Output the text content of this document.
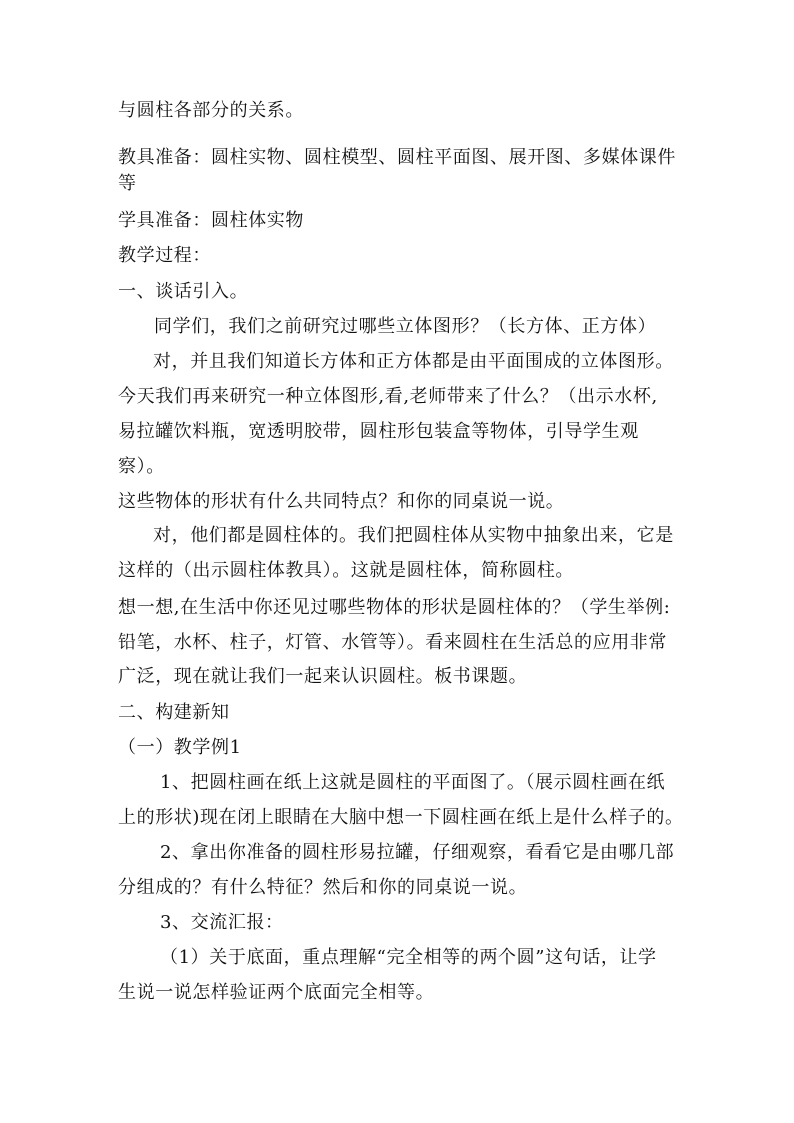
与圆柱各部分的关系。
教具准备：圆柱实物、圆柱模型、圆柱平面图、展开图、多媒体课件
等
学具准备：圆柱体实物
教学过程：
一、谈话引入。
同学们，我们之前研究过哪些立体图形？（长方体、正方体）
对，并且我们知道长方体和正方体都是由平面围成的立体图形。
今天我们再来研究一种立体图形,看,老师带来了什么？（出示水杯,
易拉罐饮料瓶，宽透明胶带，圆柱形包装盒等物体，引导学生观
察）。
这些物体的形状有什么共同特点？和你的同桌说一说。
对，他们都是圆柱体的。我们把圆柱体从实物中抽象出来，它是
这样的（出示圆柱体教具）。这就是圆柱体，简称圆柱。
想一想,在生活中你还见过哪些物体的形状是圆柱体的？（学生举例:
铅笔，水杯、柱子，灯管、水管等）。看来圆柱在生活总的应用非常
广泛，现在就让我们一起来认识圆柱。板书课题。
二、构建新知
（一）教学例1
1、把圆柱画在纸上这就是圆柱的平面图了。（展示圆柱画在纸
上的形状)现在闭上眼睛在大脑中想一下圆柱画在纸上是什么样子的。
2、拿出你准备的圆柱形易拉罐，仔细观察，看看它是由哪几部
分组成的？有什么特征？然后和你的同桌说一说。
3、交流汇报：
（1）关于底面，重点理解“完全相等的两个圆”这句话，让学
生说一说怎样验证两个底面完全相等。
